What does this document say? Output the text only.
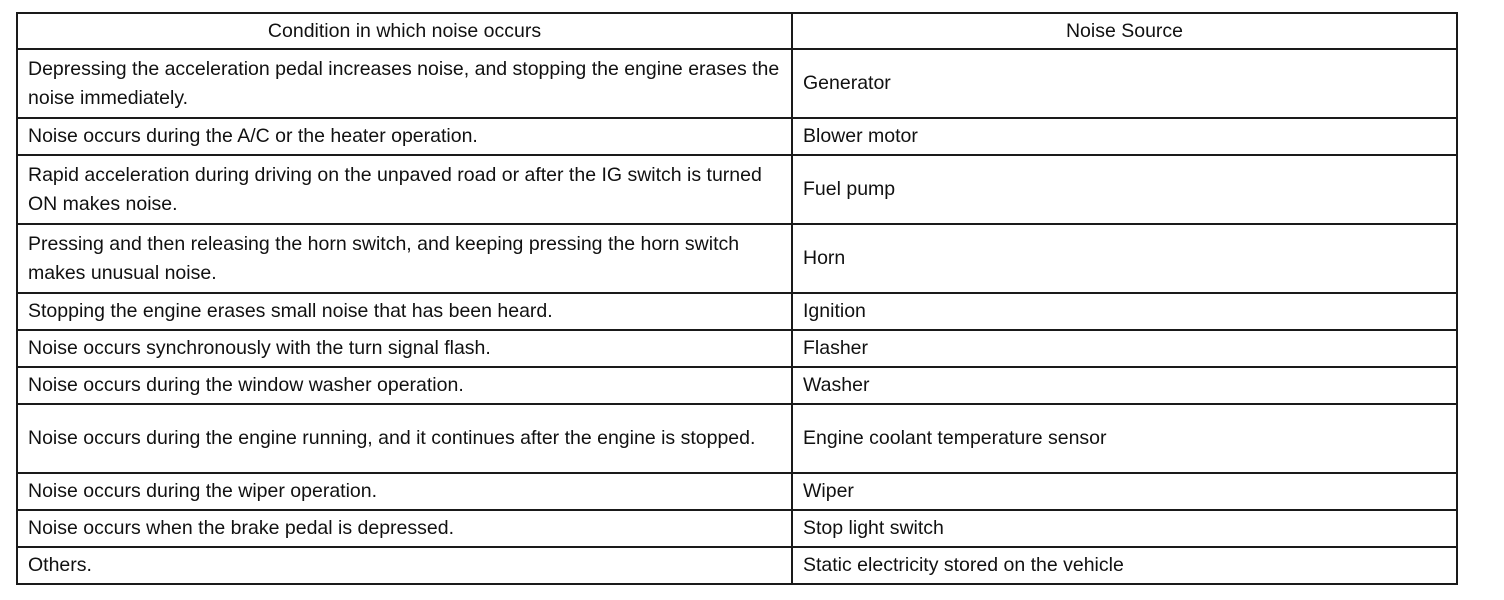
Condition in which noise occurs	Noise Source
Depressing the acceleration pedal increases noise, and stopping the engine erases the noise immediately.	Generator
Noise occurs during the A/C or the heater operation.	Blower motor
Rapid acceleration during driving on the unpaved road or after the IG switch is turned ON makes noise.	Fuel pump
Pressing and then releasing the horn switch, and keeping pressing the horn switch makes unusual noise.	Horn
Stopping the engine erases small noise that has been heard.	Ignition
Noise occurs synchronously with the turn signal flash.	Flasher
Noise occurs during the window washer operation.	Washer
Noise occurs during the engine running, and it continues after the engine is stopped.	Engine coolant temperature sensor
Noise occurs during the wiper operation.	Wiper
Noise occurs when the brake pedal is depressed.	Stop light switch
Others.	Static electricity stored on the vehicle
